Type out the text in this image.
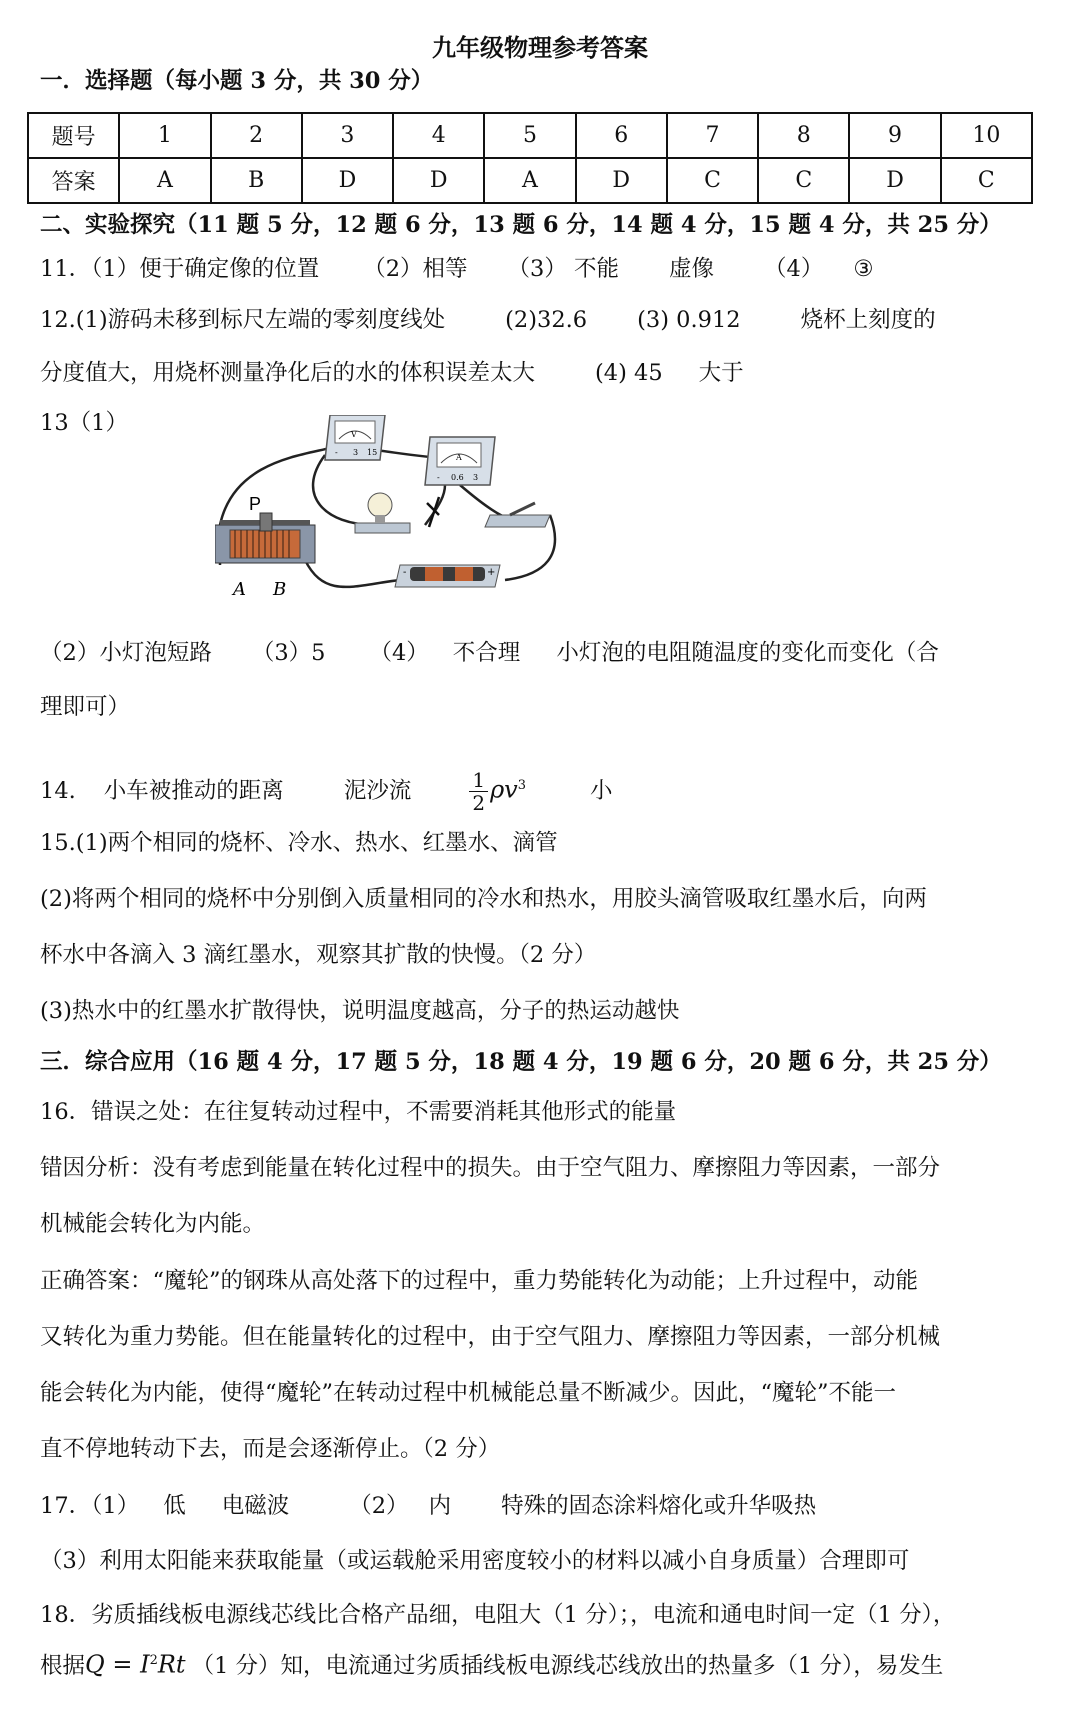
九年级物理参考答案
一．选择题（每小题 3 分，共 30 分）
题号	1	2	3	4	5	6	7	8	9	10
答案	A	B	D	D	A	D	C	C	D	C
二、实验探究（11 题 5 分，12 题 6 分，13 题 6 分，14 题 4 分，15 题 4 分，共 25 分）
11．（1）便于确定像的位置 （2）相等 （3） 不能 虚像 （4） ③
12.(1)游码未移到标尺左端的零刻度线处	(2)32.6 (3) 0.912	烧杯上刻度的
分度值大，用烧杯测量净化后的水的体积误差太大	(4) 45 大于
13（1）	V
- 3 15
A
- 0.6 3
-	+
P
A B
（2）小灯泡短路 （3）5 （4） 不合理 小灯泡的电阻随温度的变化而变化（合
理即可）
14. 小车被推动的距离	泥沙流	$\frac{1}{2} \rho v^3$	小
15.(1)两个相同的烧杯、冷水、热水、红墨水、滴管
(2)将两个相同的烧杯中分别倒入质量相同的冷水和热水，用胶头滴管吸取红墨水后，向两
杯水中各滴入 3 滴红墨水，观察其扩散的快慢。（2 分）
(3)热水中的红墨水扩散得快，说明温度越高，分子的热运动越快
三．综合应用（16 题 4 分，17 题 5 分，18 题 4 分，19 题 6 分，20 题 6 分，共 25 分）
16．错误之处：在往复转动过程中，不需要消耗其他形式的能量
错因分析：没有考虑到能量在转化过程中的损失。由于空气阻力、摩擦阻力等因素，一部分
机械能会转化为内能。
正确答案：“魔轮”的钢珠从高处落下的过程中，重力势能转化为动能；上升过程中，动能
又转化为重力势能。但在能量转化的过程中，由于空气阻力、摩擦阻力等因素，一部分机械
能会转化为内能，使得“魔轮”在转动过程中机械能总量不断减少。因此，“魔轮”不能一
直不停地转动下去，而是会逐渐停止。（2 分）
17．（1） 低 电磁波	（2） 内 特殊的固态涂料熔化或升华吸热
（3）利用太阳能来获取能量（或运载舱采用密度较小的材料以减小自身质量）合理即可
18．劣质插线板电源线芯线比合格产品细，电阻大（1 分）；，电流和通电时间一定（1 分），
根据$Q = I^2Rt$ （1 分）知，电流通过劣质插线板电源线芯线放出的热量多（1 分），易发生
